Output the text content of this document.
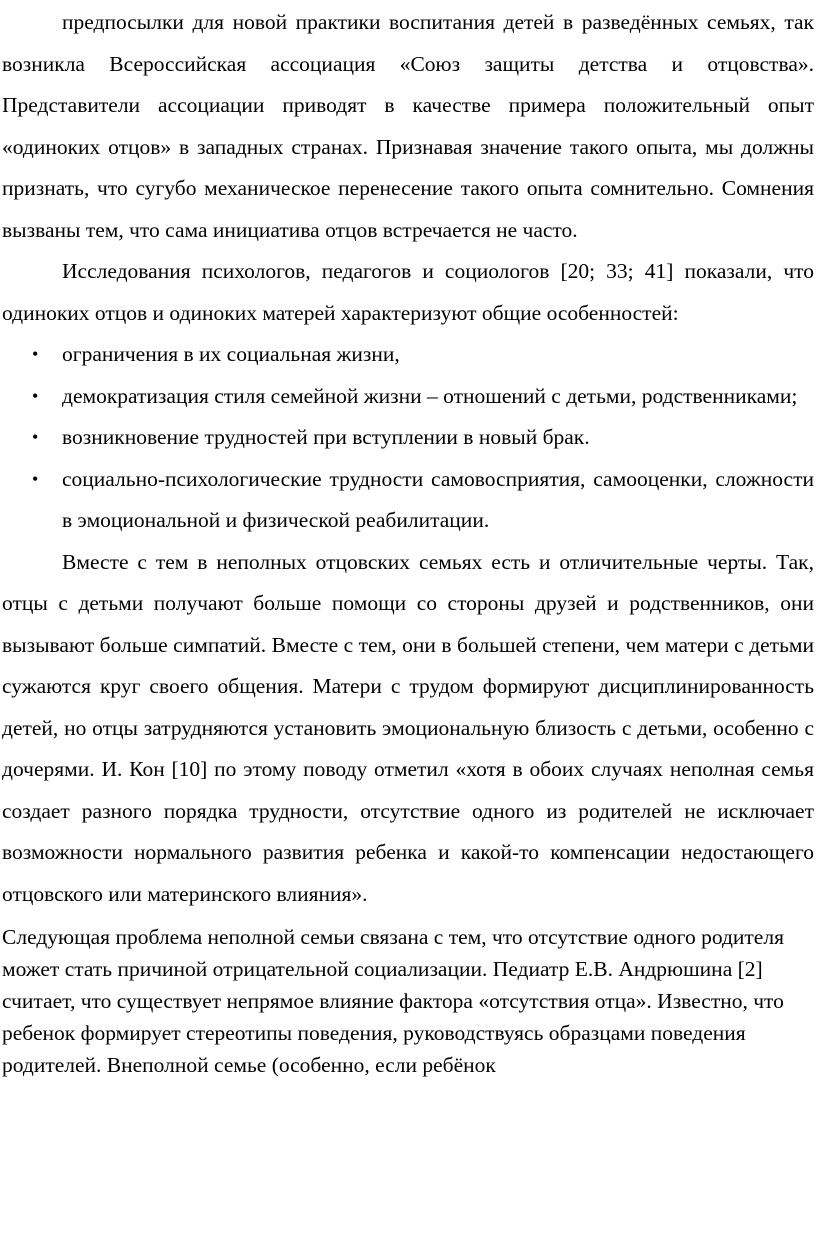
предпосылки для новой практики воспитания детей в разведённых семьях, так возникла Всероссийская ассоциация «Союз защиты детства и отцовства». Представители ассоциации приводят в качестве примера положительный опыт «одиноких отцов» в западных странах. Признавая значение такого опыта, мы должны признать, что сугубо механическое перенесение такого опыта сомнительно. Сомнения вызваны тем, что сама инициатива отцов встречается не часто.

Исследования психологов, педагогов и социологов [20; 33; 41] показали, что одиноких отцов и одиноких матерей характеризуют общие особенностей:

• ограничения в их социальная жизни,
• демократизация стиля семейной жизни – отношений с детьми, родственниками;
• возникновение трудностей при вступлении в новый брак.
• социально-психологические трудности самовосприятия, самооценки, сложности в эмоциональной и физической реабилитации.

Вместе с тем в неполных отцовских семьях есть и отличительные черты. Так, отцы с детьми получают больше помощи со стороны друзей и родственников, они вызывают больше симпатий. Вместе с тем, они в большей степени, чем матери с детьми сужаются круг своего общения. Матери с трудом формируют дисциплинированность детей, но отцы затрудняются установить эмоциональную близость с детьми, особенно с дочерями. И. Кон [10] по этому поводу отметил «хотя в обоих случаях неполная семья создает разного порядка трудности, отсутствие одного из родителей не исключает возможности нормального развития ребенка и какой-то компенсации недостающего отцовского или материнского влияния».

Следующая проблема неполной семьи связана с тем, что отсутствие одного родителя может стать причиной отрицательной социализации. Педиатр Е.В. Андрюшина [2] считает, что существует непрямое влияние фактора «отсутствия отца». Известно, что ребенок формирует стереотипы поведения, руководствуясь образцами поведения родителей. Внеполной семье (особенно, если ребёнок
